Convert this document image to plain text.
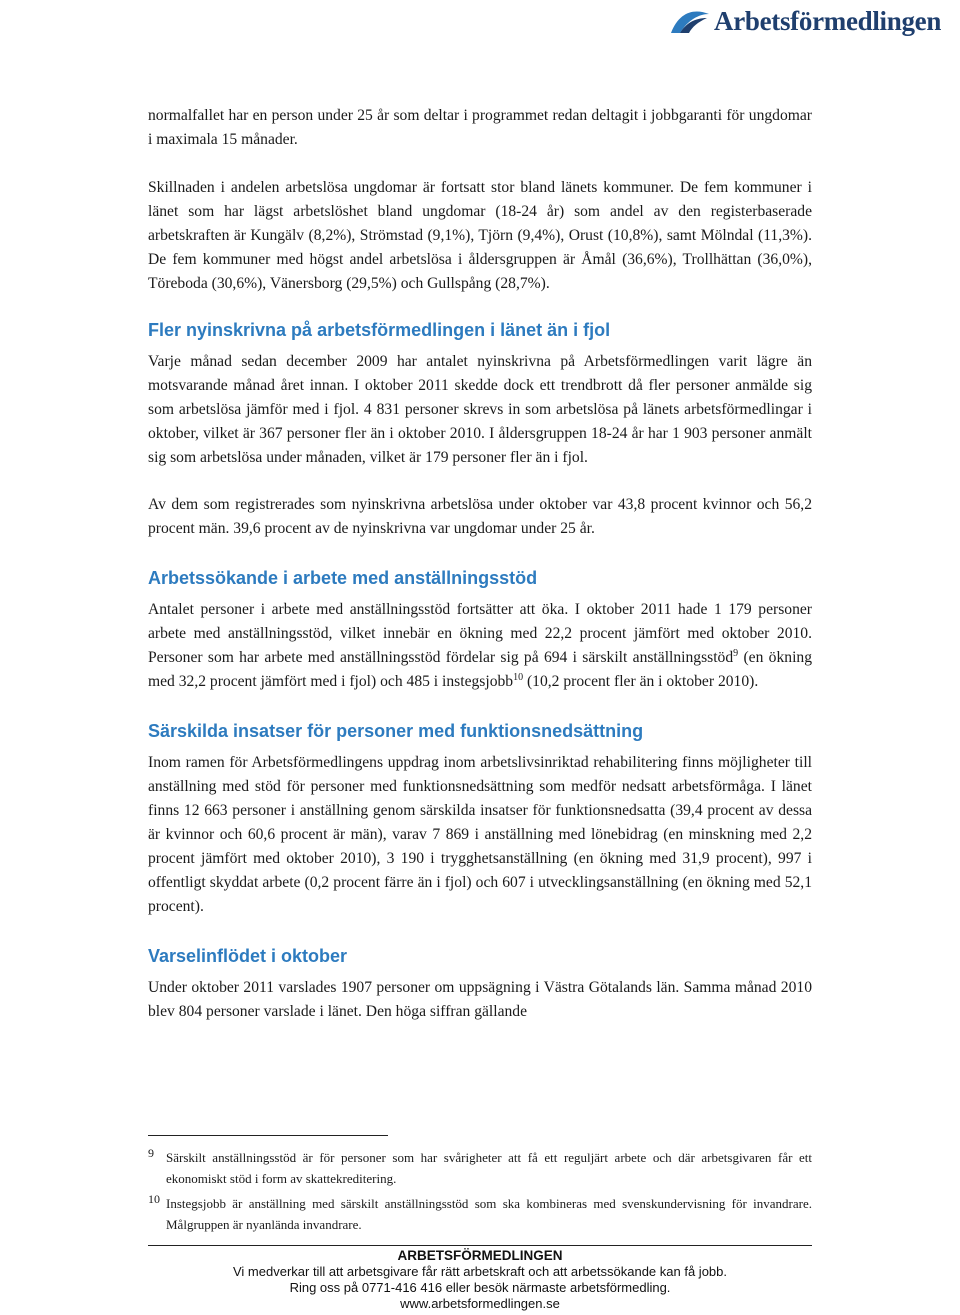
Arbetsförmedlingen

normalfallet har en person under 25 år som deltar i programmet redan deltagit i jobbgaranti för ungdomar i maximala 15 månader.

Skillnaden i andelen arbetslösa ungdomar är fortsatt stor bland länets kommuner. De fem kommuner i länet som har lägst arbetslöshet bland ungdomar (18-24 år) som andel av den registerbaserade arbetskraften är Kungälv (8,2%), Strömstad (9,1%), Tjörn (9,4%), Orust (10,8%), samt Mölndal (11,3%). De fem kommuner med högst andel arbetslösa i åldersgruppen är Åmål (36,6%), Trollhättan (36,0%), Töreboda (30,6%), Vänersborg (29,5%) och Gullspång (28,7%).

Fler nyinskrivna på arbetsförmedlingen i länet än i fjol

Varje månad sedan december 2009 har antalet nyinskrivna på Arbetsförmedlingen varit lägre än motsvarande månad året innan. I oktober 2011 skedde dock ett trendbrott då fler personer anmälde sig som arbetslösa jämför med i fjol. 4 831 personer skrevs in som arbetslösa på länets arbetsförmedlingar i oktober, vilket är 367 personer fler än i oktober 2010. I åldersgruppen 18-24 år har 1 903 personer anmält sig som arbetslösa under månaden, vilket är 179 personer fler än i fjol.

Av dem som registrerades som nyinskrivna arbetslösa under oktober var 43,8 procent kvinnor och 56,2 procent män. 39,6 procent av de nyinskrivna var ungdomar under 25 år.

Arbetssökande i arbete med anställningsstöd

Antalet personer i arbete med anställningsstöd fortsätter att öka. I oktober 2011 hade 1 179 personer arbete med anställningsstöd, vilket innebär en ökning med 22,2 procent jämfört med oktober 2010. Personer som har arbete med anställningsstöd fördelar sig på 694 i särskilt anställningsstöd$^9$ (en ökning med 32,2 procent jämfört med i fjol) och 485 i instegsjobb$^{10}$ (10,2 procent fler än i oktober 2010).

Särskilda insatser för personer med funktionsnedsättning

Inom ramen för Arbetsförmedlingens uppdrag inom arbetslivsinriktad rehabilitering finns möjligheter till anställning med stöd för personer med funktionsnedsättning som medför nedsatt arbetsförmåga. I länet finns 12 663 personer i anställning genom särskilda insatser för funktionsnedsatta (39,4 procent av dessa är kvinnor och 60,6 procent är män), varav 7 869 i anställning med lönebidrag (en minskning med 2,2 procent jämfört med oktober 2010), 3 190 i trygghetsanställning (en ökning med 31,9 procent), 997 i offentligt skyddat arbete (0,2 procent färre än i fjol) och 607 i utvecklingsanställning (en ökning med 52,1 procent).

Varselinflödet i oktober

Under oktober 2011 varslades 1907 personer om uppsägning i Västra Götalands län. Samma månad 2010 blev 804 personer varslade i länet. Den höga siffran gällande

9 Särskilt anställningsstöd är för personer som har svårigheter att få ett reguljärt arbete och där arbetsgivaren får ett ekonomiskt stöd i form av skattekreditering.
10 Instegsjobb är anställning med särskilt anställningsstöd som ska kombineras med svenskundervisning för invandrare. Målgruppen är nyanlända invandrare.
ARBETSFÖRMEDLINGEN
Vi medverkar till att arbetsgivare får rätt arbetskraft och att arbetssökande kan få jobb.
Ring oss på 0771-416 416 eller besök närmaste arbetsförmedling.
www.arbetsformedlingen.se
